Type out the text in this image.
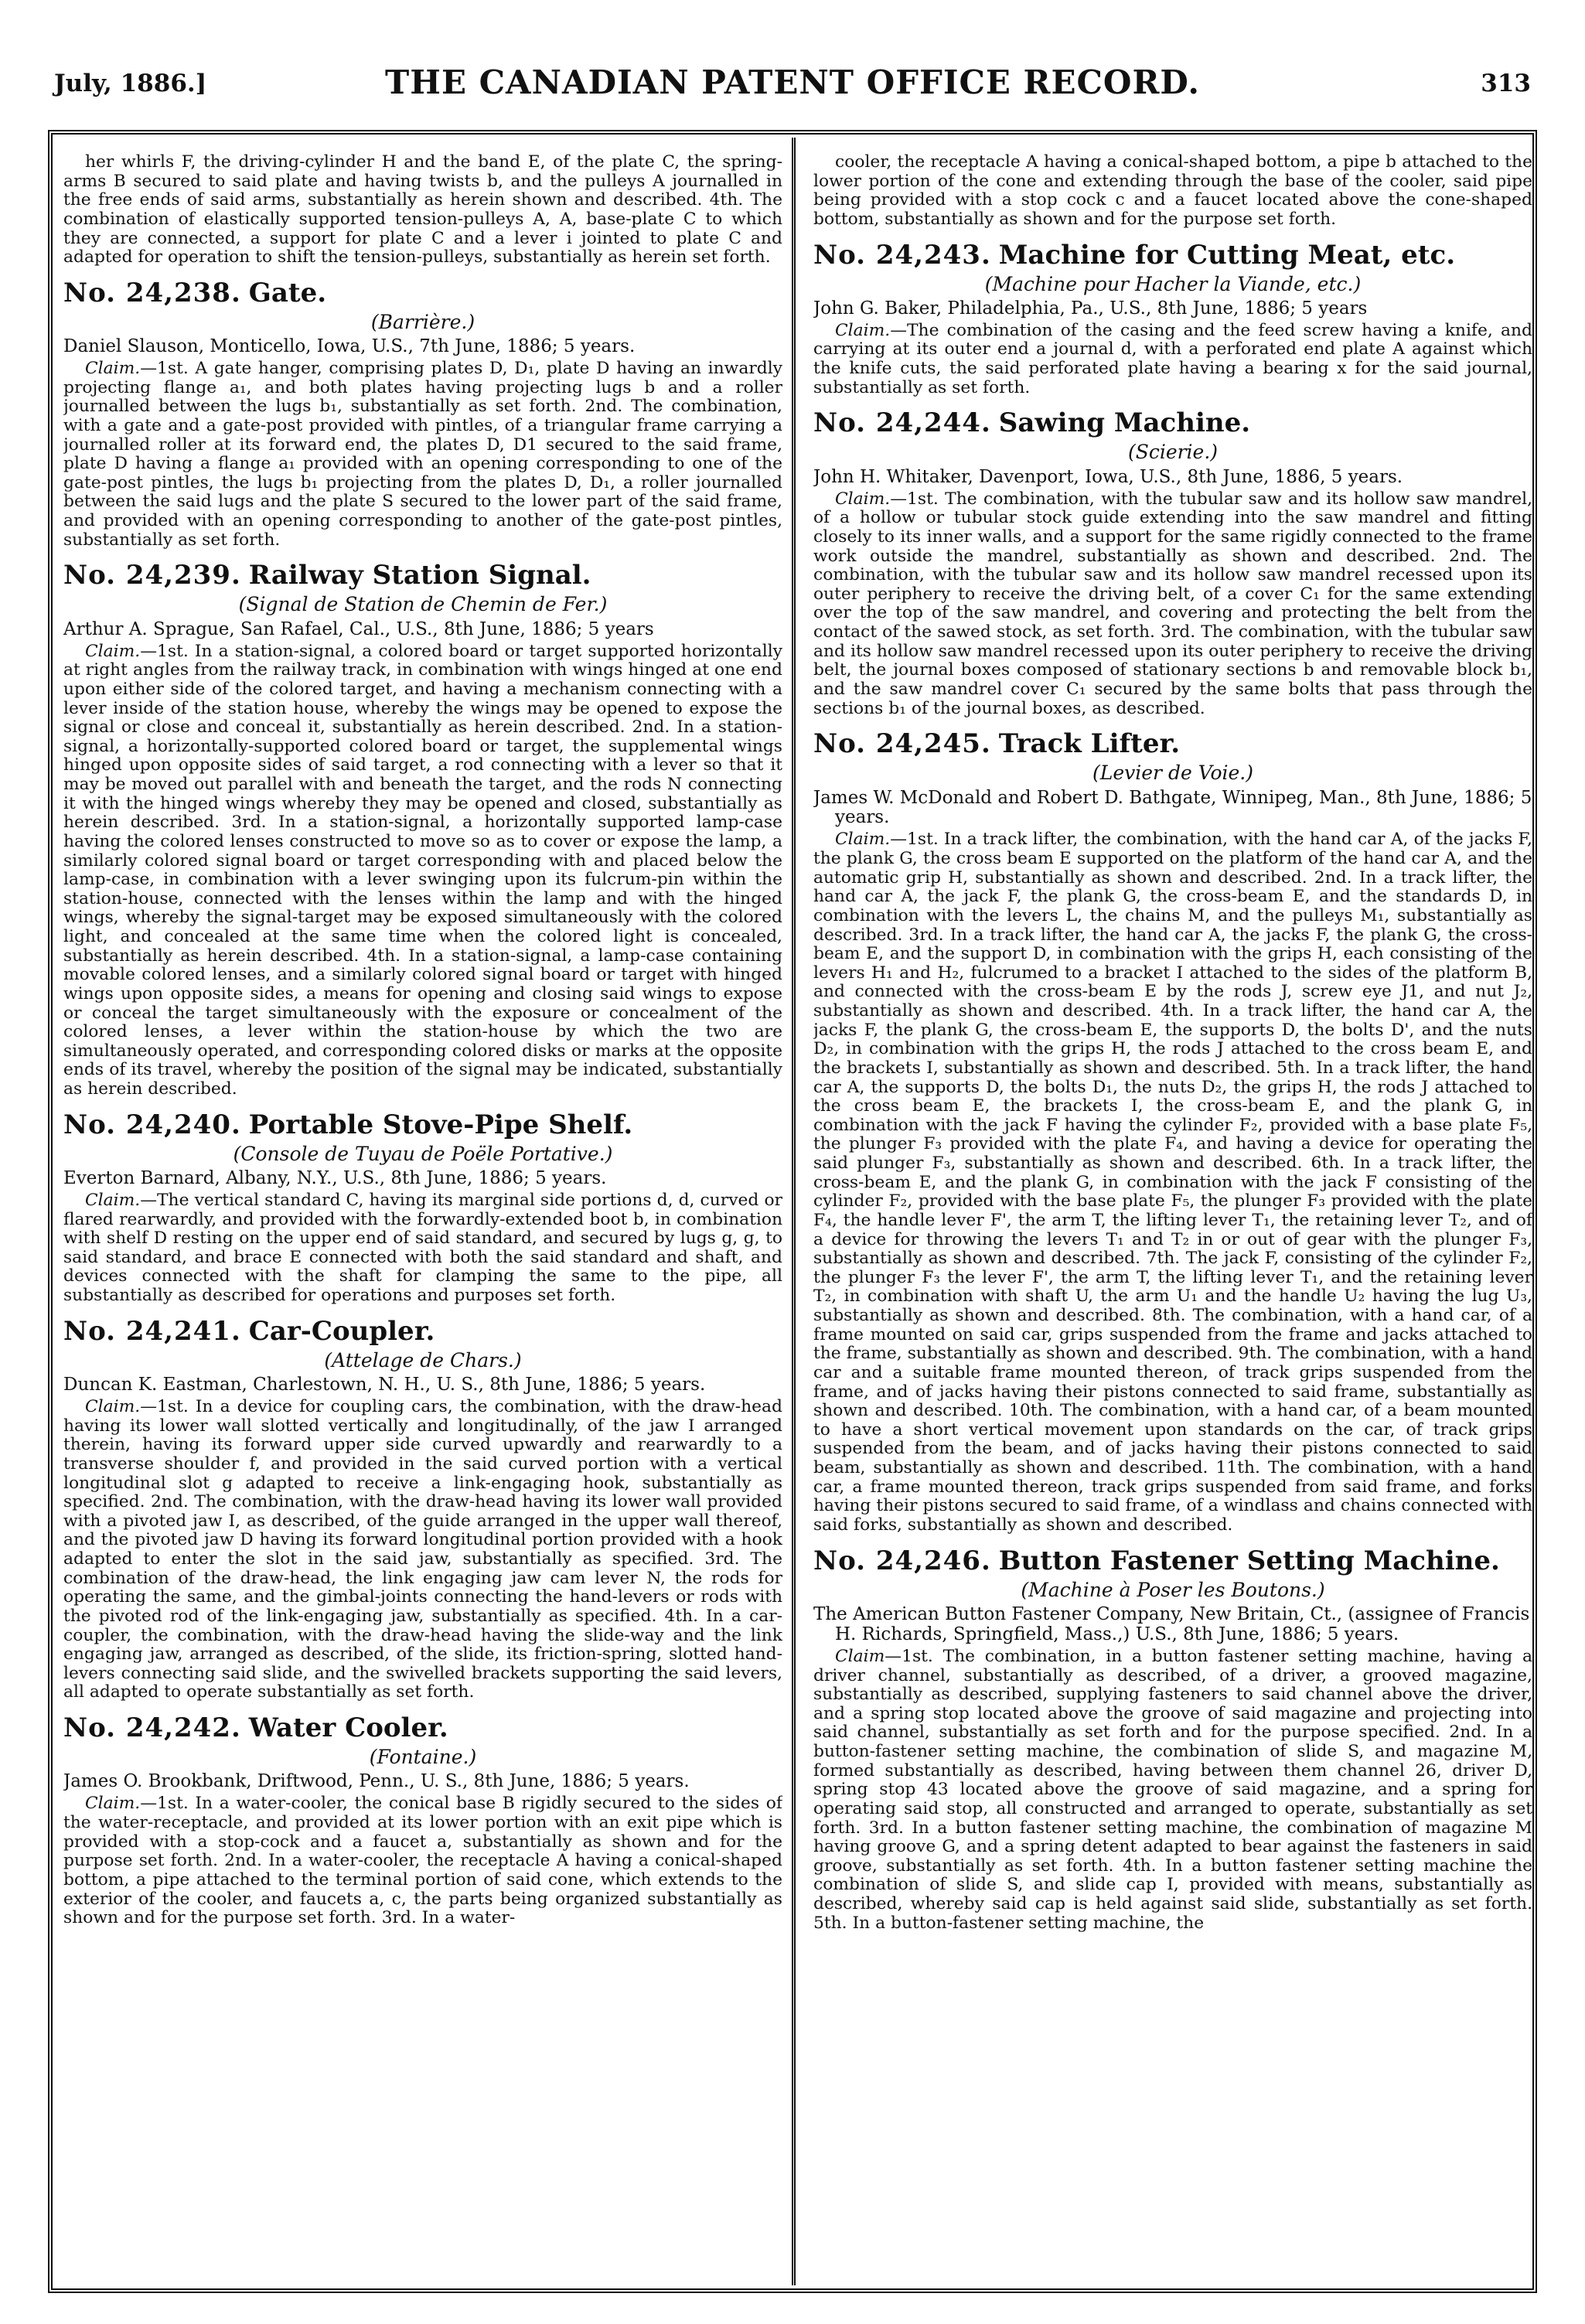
July, 1886.]	THE CANADIAN PATENT OFFICE RECORD.	313

her whirls F, the driving-cylinder H and the band E, of the plate C, the spring-arms B secured to said plate and having twists b, and the pulleys A journalled in the free ends of said arms, substantially as herein shown and described. 4th. The combination of elastically supported tension-pulleys A, A, base-plate C to which they are connected, a support for plate C and a lever i jointed to plate C and adapted for operation to shift the tension-pulleys, substantially as herein set forth.

No. 24,238. Gate.
(Barrière.)

Daniel Slauson, Monticello, Iowa, U.S., 7th June, 1886; 5 years.

Claim.—1st. A gate hanger, comprising plates D, D₁, plate D having an inwardly projecting flange a₁, and both plates having projecting lugs b and a roller journalled between the lugs b₁, substantially as set forth. 2nd. The combination, with a gate and a gate-post provided with pintles, of a triangular frame carrying a journalled roller at its forward end, the plates D, D1 secured to the said frame, plate D having a flange a₁ provided with an opening corresponding to one of the gate-post pintles, the lugs b₁ projecting from the plates D, D₁, a roller journalled between the said lugs and the plate S secured to the lower part of the said frame, and provided with an opening corresponding to another of the gate-post pintles, substantially as set forth.

No. 24,239. Railway Station Signal.
(Signal de Station de Chemin de Fer.)

Arthur A. Sprague, San Rafael, Cal., U.S., 8th June, 1886; 5 years

Claim.—1st. In a station-signal, a colored board or target supported horizontally at right angles from the railway track, in combination with wings hinged at one end upon either side of the colored target, and having a mechanism connecting with a lever inside of the station house, whereby the wings may be opened to expose the signal or close and conceal it, substantially as herein described. 2nd. In a station-signal, a horizontally-supported colored board or target, the supplemental wings hinged upon opposite sides of said target, a rod connecting with a lever so that it may be moved out parallel with and beneath the target, and the rods N connecting it with the hinged wings whereby they may be opened and closed, substantially as herein described. 3rd. In a station-signal, a horizontally supported lamp-case having the colored lenses constructed to move so as to cover or expose the lamp, a similarly colored signal board or target corresponding with and placed below the lamp-case, in combination with a lever swinging upon its fulcrum-pin within the station-house, connected with the lenses within the lamp and with the hinged wings, whereby the signal-target may be exposed simultaneously with the colored light, and concealed at the same time when the colored light is concealed, substantially as herein described. 4th. In a station-signal, a lamp-case containing movable colored lenses, and a similarly colored signal board or target with hinged wings upon opposite sides, a means for opening and closing said wings to expose or conceal the target simultaneously with the exposure or concealment of the colored lenses, a lever within the station-house by which the two are simultaneously operated, and corresponding colored disks or marks at the opposite ends of its travel, whereby the position of the signal may be indicated, substantially as herein described.

No. 24,240. Portable Stove-Pipe Shelf.
(Console de Tuyau de Poële Portative.)

Everton Barnard, Albany, N.Y., U.S., 8th June, 1886; 5 years.

Claim.—The vertical standard C, having its marginal side portions d, d, curved or flared rearwardly, and provided with the forwardly-extended boot b, in combination with shelf D resting on the upper end of said standard, and secured by lugs g, g, to said standard, and brace E connected with both the said standard and shaft, and devices connected with the shaft for clamping the same to the pipe, all substantially as described for operations and purposes set forth.

No. 24,241. Car-Coupler.
(Attelage de Chars.)

Duncan K. Eastman, Charlestown, N. H., U. S., 8th June, 1886; 5 years.

Claim.—1st. In a device for coupling cars, the combination, with the draw-head having its lower wall slotted vertically and longitudinally, of the jaw I arranged therein, having its forward upper side curved upwardly and rearwardly to a transverse shoulder f, and provided in the said curved portion with a vertical longitudinal slot g adapted to receive a link-engaging hook, substantially as specified. 2nd. The combination, with the draw-head having its lower wall provided with a pivoted jaw I, as described, of the guide arranged in the upper wall thereof, and the pivoted jaw D having its forward longitudinal portion provided with a hook adapted to enter the slot in the said jaw, substantially as specified. 3rd. The combination of the draw-head, the link engaging jaw cam lever N, the rods for operating the same, and the gimbal-joints connecting the hand-levers or rods with the pivoted rod of the link-engaging jaw, substantially as specified. 4th. In a car-coupler, the combination, with the draw-head having the slide-way and the link engaging jaw, arranged as described, of the slide, its friction-spring, slotted hand-levers connecting said slide, and the swivelled brackets supporting the said levers, all adapted to operate substantially as set forth.

No. 24,242. Water Cooler.
(Fontaine.)

James O. Brookbank, Driftwood, Penn., U. S., 8th June, 1886; 5 years.

Claim.—1st. In a water-cooler, the conical base B rigidly secured to the sides of the water-receptacle, and provided at its lower portion with an exit pipe which is provided with a stop-cock and a faucet a, substantially as shown and for the purpose set forth. 2nd. In a water-cooler, the receptacle A having a conical-shaped bottom, a pipe attached to the terminal portion of said cone, which extends to the exterior of the cooler, and faucets a, c, the parts being organized substantially as shown and for the purpose set forth. 3rd. In a water-

cooler, the receptacle A having a conical-shaped bottom, a pipe b attached to the lower portion of the cone and extending through the base of the cooler, said pipe being provided with a stop cock c and a faucet located above the cone-shaped bottom, substantially as shown and for the purpose set forth.

No. 24,243. Machine for Cutting Meat, etc.
(Machine pour Hacher la Viande, etc.)

John G. Baker, Philadelphia, Pa., U.S., 8th June, 1886; 5 years

Claim.—The combination of the casing and the feed screw having a knife, and carrying at its outer end a journal d, with a perforated end plate A against which the knife cuts, the said perforated plate having a bearing x for the said journal, substantially as set forth.

No. 24,244. Sawing Machine.
(Scierie.)

John H. Whitaker, Davenport, Iowa, U.S., 8th June, 1886, 5 years.

Claim.—1st. The combination, with the tubular saw and its hollow saw mandrel, of a hollow or tubular stock guide extending into the saw mandrel and fitting closely to its inner walls, and a support for the same rigidly connected to the frame work outside the mandrel, substantially as shown and described. 2nd. The combination, with the tubular saw and its hollow saw mandrel recessed upon its outer periphery to receive the driving belt, of a cover C₁ for the same extending over the top of the saw mandrel, and covering and protecting the belt from the contact of the sawed stock, as set forth. 3rd. The combination, with the tubular saw and its hollow saw mandrel recessed upon its outer periphery to receive the driving belt, the journal boxes composed of stationary sections b and removable block b₁, and the saw mandrel cover C₁ secured by the same bolts that pass through the sections b₁ of the journal boxes, as described.

No. 24,245. Track Lifter.
(Levier de Voie.)

James W. McDonald and Robert D. Bathgate, Winnipeg, Man., 8th June, 1886; 5 years.

Claim.—1st. In a track lifter, the combination, with the hand car A, of the jacks F, the plank G, the cross beam E supported on the platform of the hand car A, and the automatic grip H, substantially as shown and described. 2nd. In a track lifter, the hand car A, the jack F, the plank G, the cross-beam E, and the standards D, in combination with the levers L, the chains M, and the pulleys M₁, substantially as described. 3rd. In a track lifter, the hand car A, the jacks F, the plank G, the cross-beam E, and the support D, in combination with the grips H, each consisting of the levers H₁ and H₂, fulcrumed to a bracket I attached to the sides of the platform B, and connected with the cross-beam E by the rods J, screw eye J1, and nut J₂, substantially as shown and described. 4th. In a track lifter, the hand car A, the jacks F, the plank G, the cross-beam E, the supports D, the bolts D', and the nuts D₂, in combination with the grips H, the rods J attached to the cross beam E, and the brackets I, substantially as shown and described. 5th. In a track lifter, the hand car A, the supports D, the bolts D₁, the nuts D₂, the grips H, the rods J attached to the cross beam E, the brackets I, the cross-beam E, and the plank G, in combination with the jack F having the cylinder F₂, provided with a base plate F₅, the plunger F₃ provided with the plate F₄, and having a device for operating the said plunger F₃, substantially as shown and described. 6th. In a track lifter, the cross-beam E, and the plank G, in combination with the jack F consisting of the cylinder F₂, provided with the base plate F₅, the plunger F₃ provided with the plate F₄, the handle lever F', the arm T, the lifting lever T₁, the retaining lever T₂, and of a device for throwing the levers T₁ and T₂ in or out of gear with the plunger F₃, substantially as shown and described. 7th. The jack F, consisting of the cylinder F₂, the plunger F₃ the lever F', the arm T, the lifting lever T₁, and the retaining lever T₂, in combination with shaft U, the arm U₁ and the handle U₂ having the lug U₃, substantially as shown and described. 8th. The combination, with a hand car, of a frame mounted on said car, grips suspended from the frame and jacks attached to the frame, substantially as shown and described. 9th. The combination, with a hand car and a suitable frame mounted thereon, of track grips suspended from the frame, and of jacks having their pistons connected to said frame, substantially as shown and described. 10th. The combination, with a hand car, of a beam mounted to have a short vertical movement upon standards on the car, of track grips suspended from the beam, and of jacks having their pistons connected to said beam, substantially as shown and described. 11th. The combination, with a hand car, a frame mounted thereon, track grips suspended from said frame, and forks having their pistons secured to said frame, of a windlass and chains connected with said forks, substantially as shown and described.

No. 24,246. Button Fastener Setting Machine.
(Machine à Poser les Boutons.)

The American Button Fastener Company, New Britain, Ct., (assignee of Francis H. Richards, Springfield, Mass.,) U.S., 8th June, 1886; 5 years.

Claim—1st. The combination, in a button fastener setting machine, having a driver channel, substantially as described, of a driver, a grooved magazine, substantially as described, supplying fasteners to said channel above the driver, and a spring stop located above the groove of said magazine and projecting into said channel, substantially as set forth and for the purpose specified. 2nd. In a button-fastener setting machine, the combination of slide S, and magazine M, formed substantially as described, having between them channel 26, driver D, spring stop 43 located above the groove of said magazine, and a spring for operating said stop, all constructed and arranged to operate, substantially as set forth. 3rd. In a button fastener setting machine, the combination of magazine M having groove G, and a spring detent adapted to bear against the fasteners in said groove, substantially as set forth. 4th. In a button fastener setting machine the combination of slide S, and slide cap I, provided with means, substantially as described, whereby said cap is held against said slide, substantially as set forth. 5th. In a button-fastener setting machine, the
